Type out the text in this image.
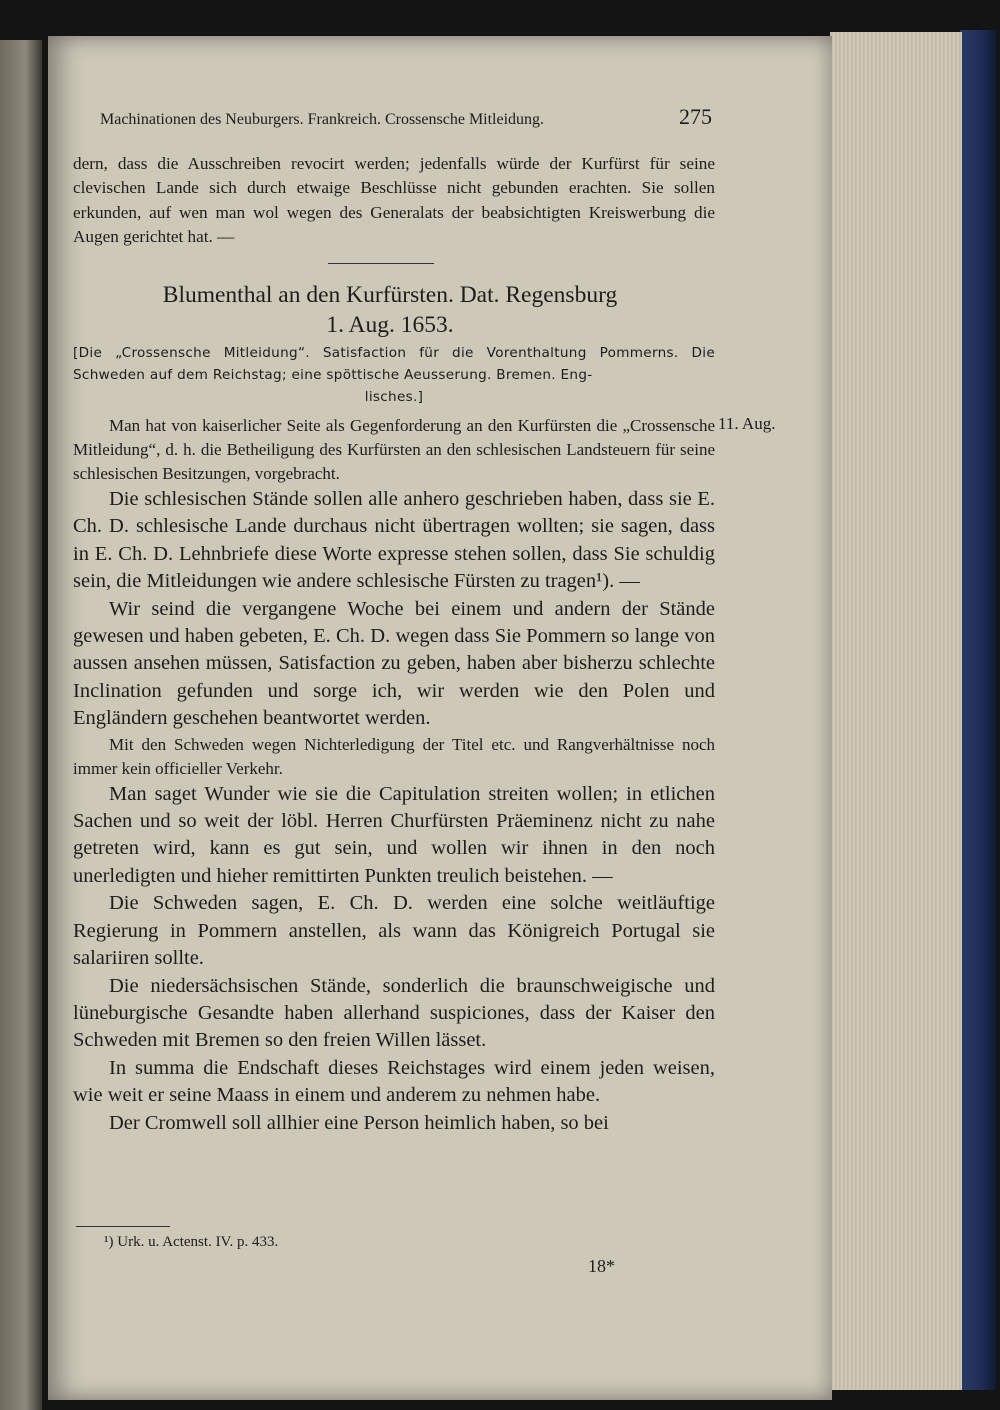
Machinationen des Neuburgers. Frankreich. Crossensche Mitleidung.	275

dern, dass die Ausschreiben revocirt werden; jedenfalls würde der Kurfürst für seine clevischen Lande sich durch etwaige Beschlüsse nicht gebunden erachten. Sie sollen erkunden, auf wen man wol wegen des Generalats der beabsichtigten Kreiswerbung die Augen gerichtet hat. —

Blumenthal an den Kurfürsten. Dat. Regensburg
1. Aug. 1653.
[Die „Crossensche Mitleidung“. Satisfaction für die Vorenthaltung Pommerns. Die Schweden auf dem Reichstag; eine spöttische Aeusserung. Bremen. Eng-
lisches.]
11. Aug.

Man hat von kaiserlicher Seite als Gegenforderung an den Kurfürsten die „Crossensche Mitleidung“, d. h. die Betheiligung des Kurfürsten an den schlesischen Landsteuern für seine schlesischen Besitzungen, vorgebracht.

Die schlesischen Stände sollen alle anhero geschrieben haben, dass sie E. Ch. D. schlesische Lande durchaus nicht übertragen wollten; sie sagen, dass in E. Ch. D. Lehnbriefe diese Worte expresse stehen sollen, dass Sie schuldig sein, die Mitleidungen wie andere schlesische Fürsten zu tragen¹). —

Wir seind die vergangene Woche bei einem und andern der Stände gewesen und haben gebeten, E. Ch. D. wegen dass Sie Pommern so lange von aussen ansehen müssen, Satisfaction zu geben, haben aber bisherzu schlechte Inclination gefunden und sorge ich, wir werden wie den Polen und Engländern geschehen beantwortet werden.

Mit den Schweden wegen Nichterledigung der Titel etc. und Rangverhältnisse noch immer kein officieller Verkehr.

Man saget Wunder wie sie die Capitulation streiten wollen; in etlichen Sachen und so weit der löbl. Herren Churfürsten Präeminenz nicht zu nahe getreten wird, kann es gut sein, und wollen wir ihnen in den noch unerledigten und hieher remittirten Punkten treulich beistehen. —

Die Schweden sagen, E. Ch. D. werden eine solche weitläuftige Regierung in Pommern anstellen, als wann das Königreich Portugal sie salariiren sollte.

Die niedersächsischen Stände, sonderlich die braunschweigische und lüneburgische Gesandte haben allerhand suspiciones, dass der Kaiser den Schweden mit Bremen so den freien Willen lässet.

In summa die Endschaft dieses Reichstages wird einem jeden weisen, wie weit er seine Maass in einem und anderem zu nehmen habe.

Der Cromwell soll allhier eine Person heimlich haben, so bei

¹) Urk. u. Actenst. IV. p. 433.
18*
